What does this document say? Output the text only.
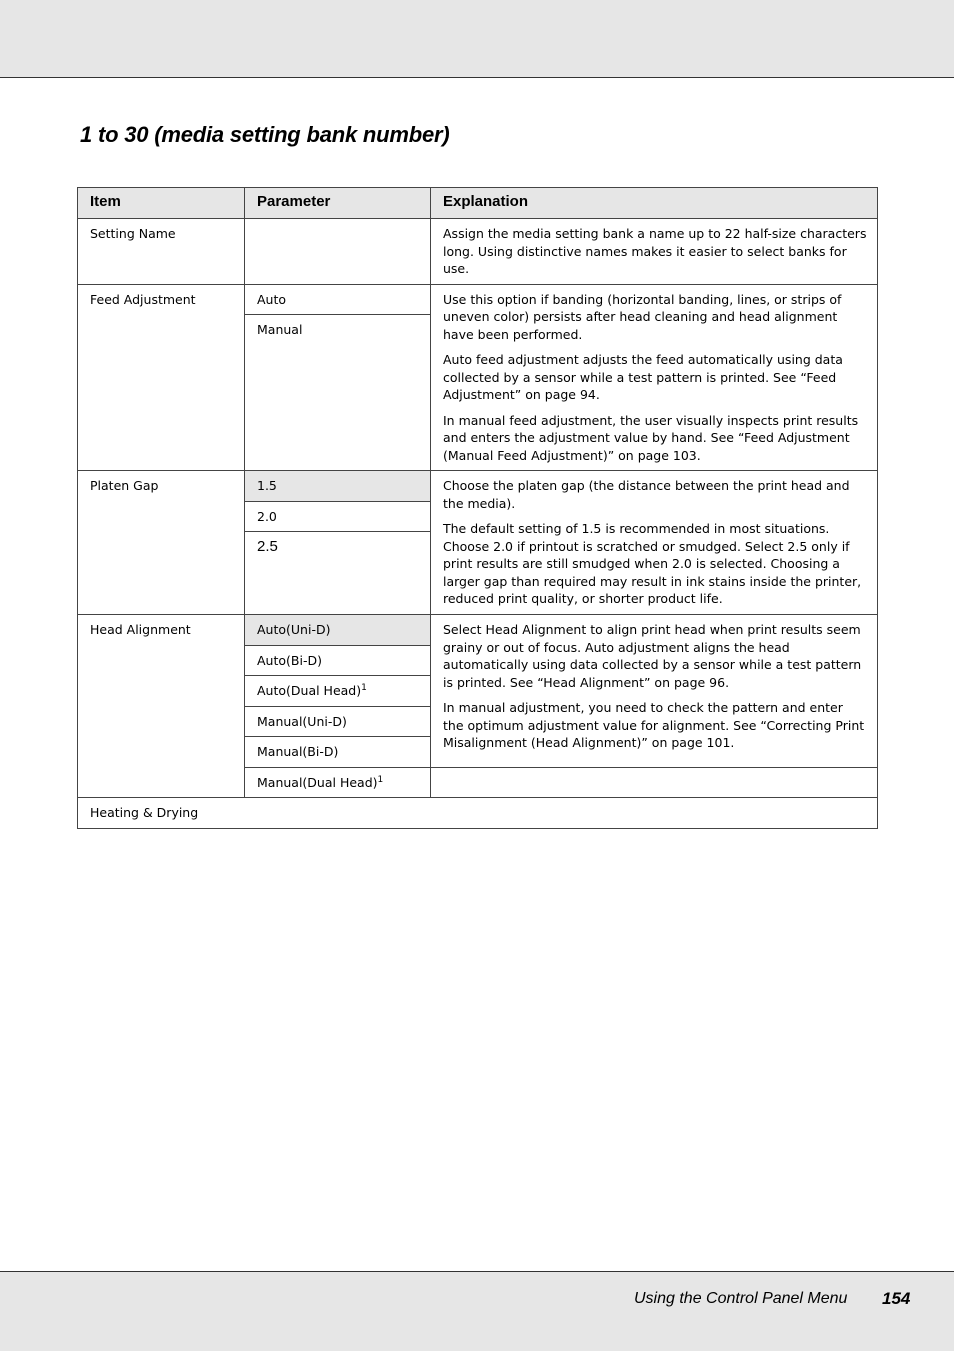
1 to 30 (media setting bank number)
Item	Parameter	Explanation
Setting Name		Assign the media setting bank a name up to 22 half-size characters long. Using distinctive names makes it easier to select banks for use.

Feed Adjustment	Auto	Use this option if banding (horizontal banding, lines, or strips of uneven color) persists after head cleaning and head alignment have been performed.

Auto feed adjustment adjusts the feed automatically using data collected by a sensor while a test pattern is printed. See “Feed Adjustment” on page 94.

In manual feed adjustment, the user visually inspects print results and enters the adjustment value by hand. See “Feed Adjustment (Manual Feed Adjustment)” on page 103.

	Manual	
Platen Gap	1.5	Choose the platen gap (the distance between the print head and the media).

The default setting of 1.5 is recommended in most situations. Choose 2.0 if printout is scratched or smudged. Select 2.5 only if print results are still smudged when 2.0 is selected. Choosing a larger gap than required may result in ink stains inside the printer, reduced print quality, or shorter product life.

	2.0	
	2.5	
Head Alignment	Auto(Uni-D)	Select Head Alignment to align print head when print results seem grainy or out of focus. Auto adjustment aligns the head automatically using data collected by a sensor while a test pattern is printed. See “Head Alignment” on page 96.

In manual adjustment, you need to check the pattern and enter the optimum adjustment value for alignment. See “Correcting Print Misalignment (Head Alignment)” on page 101.

	Auto(Bi-D)	
	Auto(Dual Head)$^1$
	Manual(Uni-D)	
	Manual(Bi-D)	
	Manual(Dual Head)$^1$	
Heating & Drying		
Using the Control Panel Menu 154
